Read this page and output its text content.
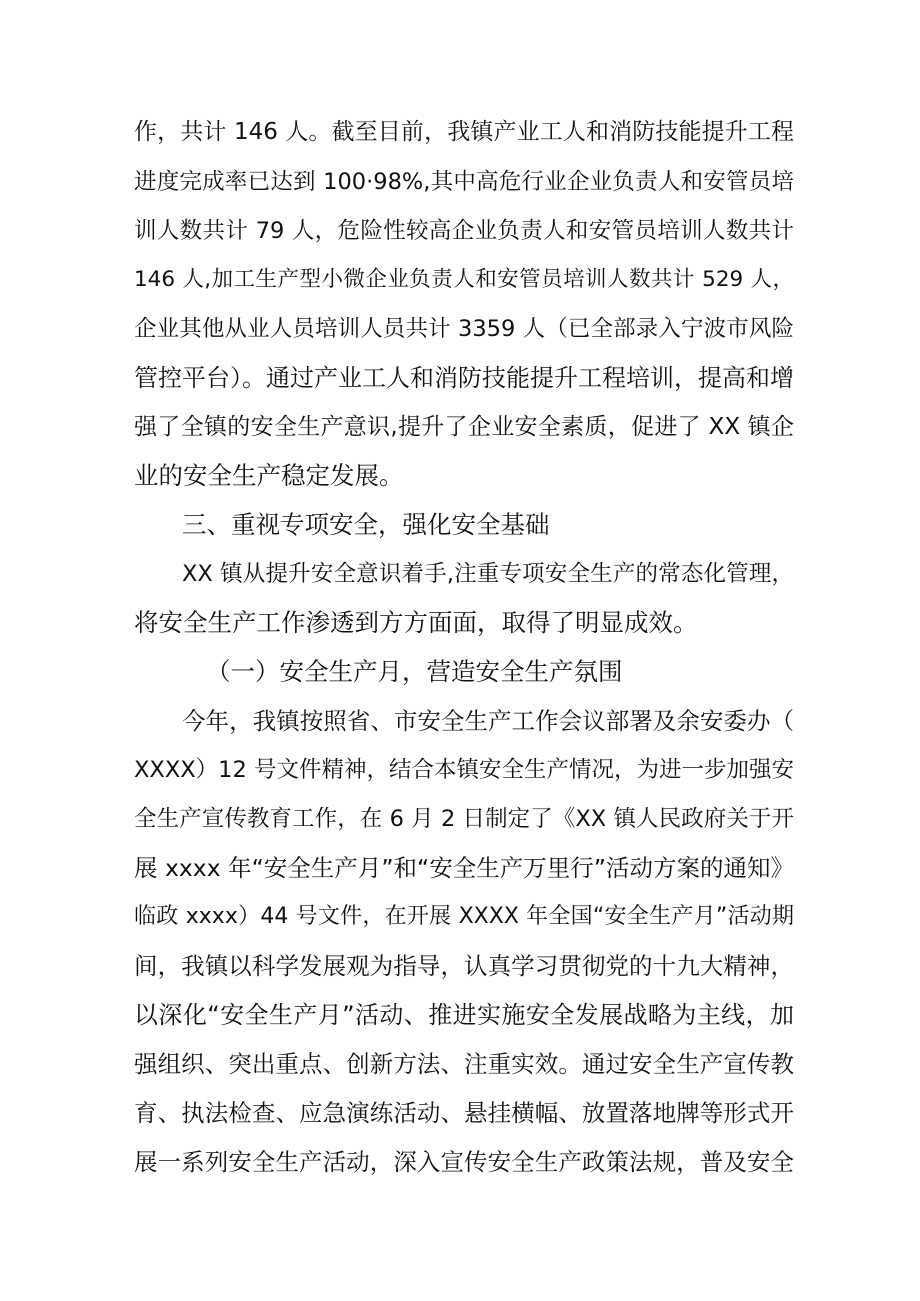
作，共计 146 人。截至目前，我镇产业工人和消防技能提升工程
进度完成率已达到 100·98%,其中高危行业企业负责人和安管员培
训人数共计 79 人，危险性较高企业负责人和安管员培训人数共计
146 人,加工生产型小微企业负责人和安管员培训人数共计 529 人，
企业其他从业人员培训人员共计 3359 人（已全部录入宁波市风险
管控平台）。通过产业工人和消防技能提升工程培训，提高和增
强了全镇的安全生产意识,提升了企业安全素质，促进了 XX 镇企
业的安全生产稳定发展。
三、重视专项安全，强化安全基础
XX 镇从提升安全意识着手,注重专项安全生产的常态化管理，
将安全生产工作渗透到方方面面，取得了明显成效。
（一）安全生产月，营造安全生产氛围
今年，我镇按照省、市安全生产工作会议部署及余安委办（
XXXX）12 号文件精神，结合本镇安全生产情况，为进一步加强安
全生产宣传教育工作，在 6 月 2 日制定了《XX 镇人民政府关于开
展 xxxx 年“安全生产月”和“安全生产万里行”活动方案的通知》
临政 xxxx）44 号文件，在开展 XXXX 年全国“安全生产月”活动期
间，我镇以科学发展观为指导，认真学习贯彻党的十九大精神，
以深化“安全生产月”活动、推进实施安全发展战略为主线，加
强组织、突出重点、创新方法、注重实效。通过安全生产宣传教
育、执法检查、应急演练活动、悬挂横幅、放置落地牌等形式开
展一系列安全生产活动，深入宣传安全生产政策法规，普及安全
